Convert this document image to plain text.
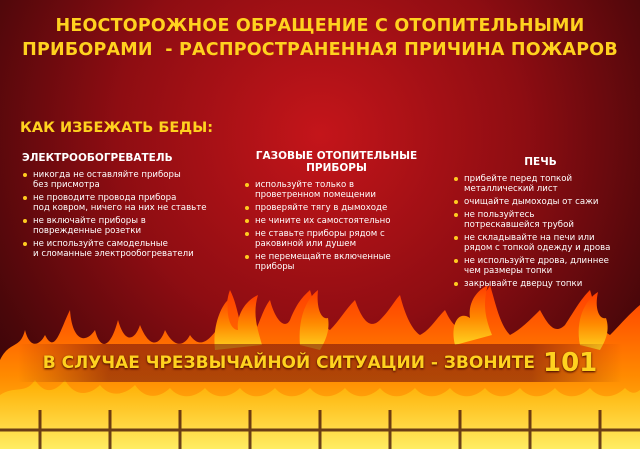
НЕОСТОРОЖНОЕ ОБРАЩЕНИЕ С ОТОПИТЕЛЬНЫМИ
ПРИБОРАМИ  - РАСПРОСТРАНЕННАЯ ПРИЧИНА ПОЖАРОВ
КАК ИЗБЕЖАТЬ БЕДЫ:
ЭЛЕКТРООБОГРЕВАТЕЛЬ
никогда не оставляйте приборы
без присмотра
не проводите провода прибора
под ковром, ничего на них не ставьте
не включайте приборы в
поврежденные розетки
не используйте самодельные
и сломанные электрообогреватели
ГАЗОВЫЕ ОТОПИТЕЛЬНЫЕ
ПРИБОРЫ
используйте только в
проветренном помещении
проверяйте тягу в дымоходе
не чините их самостоятельно
не ставьте приборы рядом с
раковиной или душем
не перемещайте включенные
приборы
ПЕЧЬ
прибейте перед топкой
металлический лист
очищайте дымоходы от сажи
не пользуйтесь
потрескавшейся трубой
не складывайте на печи или
рядом с топкой одежду и дрова
не используйте дрова, длиннее
чем размеры топки
закрывайте дверцу топки
В СЛУЧАЕ ЧРЕЗВЫЧАЙНОЙ СИТУАЦИИ - ЗВОНИТЕ 101
